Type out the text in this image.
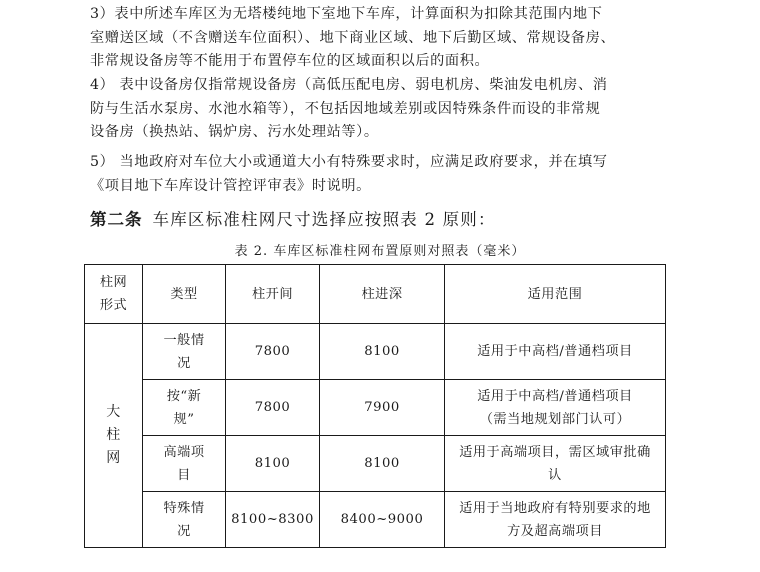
3）表中所述车库区为无塔楼纯地下室地下车库，计算面积为扣除其范围内地下
室赠送区域（不含赠送车位面积）、地下商业区域、地下后勤区域、常规设备房、
非常规设备房等不能用于布置停车位的区域面积以后的面积。
4） 表中设备房仅指常规设备房（高低压配电房、弱电机房、柴油发电机房、消
防与生活水泵房、水池水箱等），不包括因地域差别或因特殊条件而设的非常规
设备房（换热站、锅炉房、污水处理站等）。
5） 当地政府对车位大小或通道大小有特殊要求时，应满足政府要求，并在填写
《项目地下车库设计管控评审表》时说明。
第二条 车库区标准柱网尺寸选择应按照表 2 原则：
表 2. 车库区标准柱网布置原则对照表（毫米）
柱网形式	类型	柱开间	柱进深	适用范围
大柱网	一般情况	7800	8100	适用于中高档/普通档项目
	按“新规”	7800	7900	适用于中高档/普通档项目（需当地规划部门认可）
	高端项目	8100	8100	适用于高端项目，需区域审批确认
	特殊情况	8100~8300	8400~9000	适用于当地政府有特别要求的地方及超高端项目
